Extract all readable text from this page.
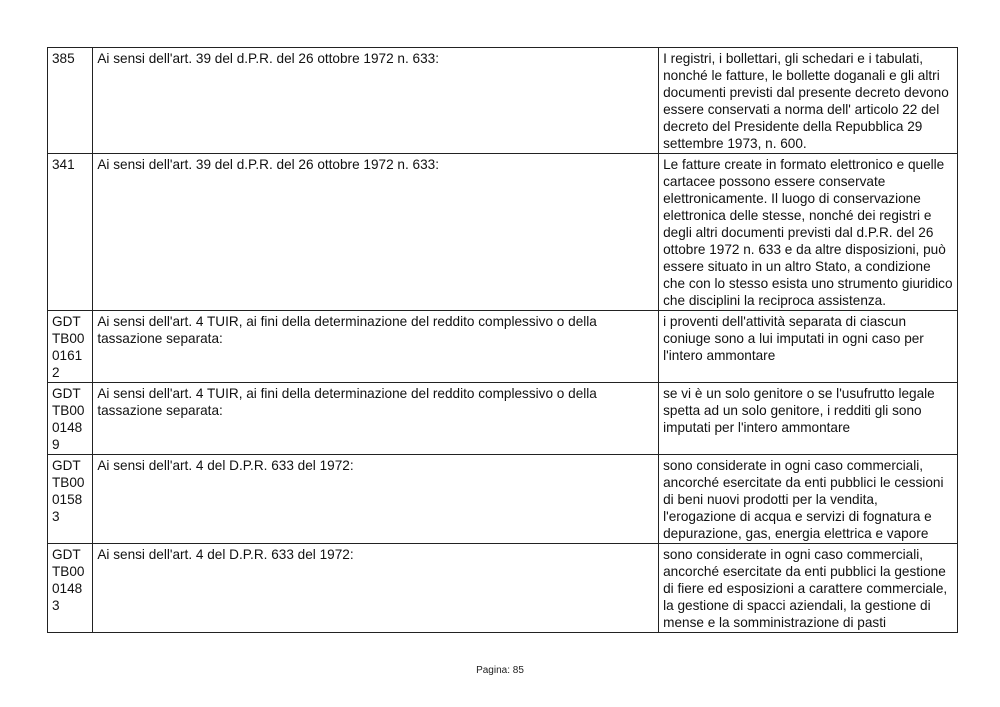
385	Ai sensi dell'art. 39 del d.P.R. del 26 ottobre 1972 n. 633:	I registri, i bollettari, gli schedari e i tabulati, nonché le fatture, le bollette doganali e gli altri documenti previsti dal presente decreto devono essere conservati a norma dell' articolo 22 del decreto del Presidente della Repubblica 29 settembre 1973, n. 600.
341	Ai sensi dell'art. 39 del d.P.R. del 26 ottobre 1972 n. 633:	Le fatture create in formato elettronico e quelle cartacee possono essere conservate elettronicamente. Il luogo di conservazione elettronica delle stesse, nonché dei registri e degli altri documenti previsti dal d.P.R. del 26 ottobre 1972 n. 633 e da altre disposizioni, può essere situato in un altro Stato, a condizione che con lo stesso esista uno strumento giuridico che disciplini la reciproca assistenza.
GDTTB0001612	Ai sensi dell'art. 4 TUIR, ai fini della determinazione del reddito complessivo o della tassazione separata:	i proventi dell'attività separata di ciascun coniuge sono a lui imputati in ogni caso per l'intero ammontare
GDTTB0001489	Ai sensi dell'art. 4 TUIR, ai fini della determinazione del reddito complessivo o della tassazione separata:	se vi è un solo genitore o se l'usufrutto legale spetta ad un solo genitore, i redditi gli sono imputati per l'intero ammontare
GDTTB0001583	Ai sensi dell'art. 4 del D.P.R. 633 del 1972:	sono considerate in ogni caso commerciali, ancorché esercitate da enti pubblici le cessioni di beni nuovi prodotti per la vendita, l'erogazione di acqua e servizi di fognatura e depurazione, gas, energia elettrica e vapore
GDTTB0001483	Ai sensi dell'art. 4 del D.P.R. 633 del 1972:	sono considerate in ogni caso commerciali, ancorché esercitate da enti pubblici la gestione di fiere ed esposizioni a carattere commerciale, la gestione di spacci aziendali, la gestione di mense e la somministrazione di pasti
Pagina: 85
